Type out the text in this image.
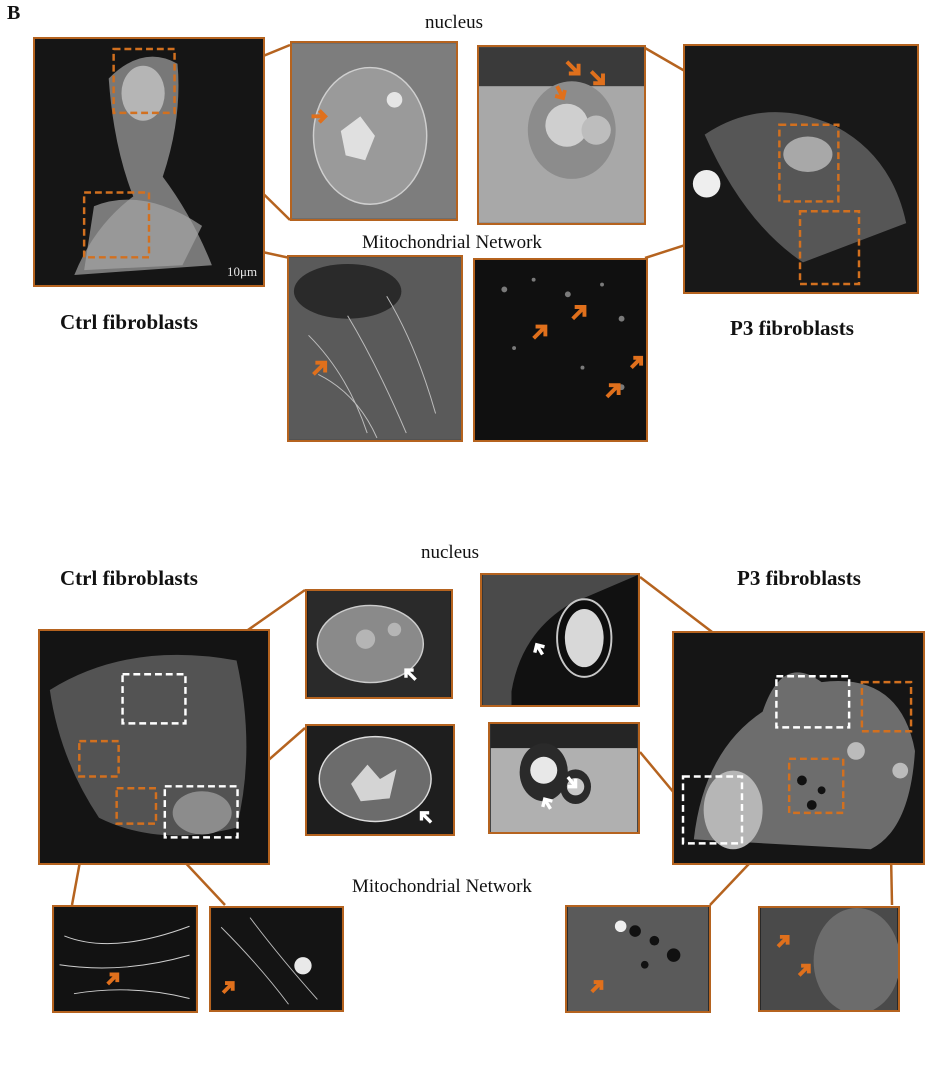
B	nucleus
Mitochondrial Network
Ctrl fibroblasts	P3 fibroblasts
10μm
nucleus
Mitochondrial Network
Ctrl fibroblasts	P3 fibroblasts
